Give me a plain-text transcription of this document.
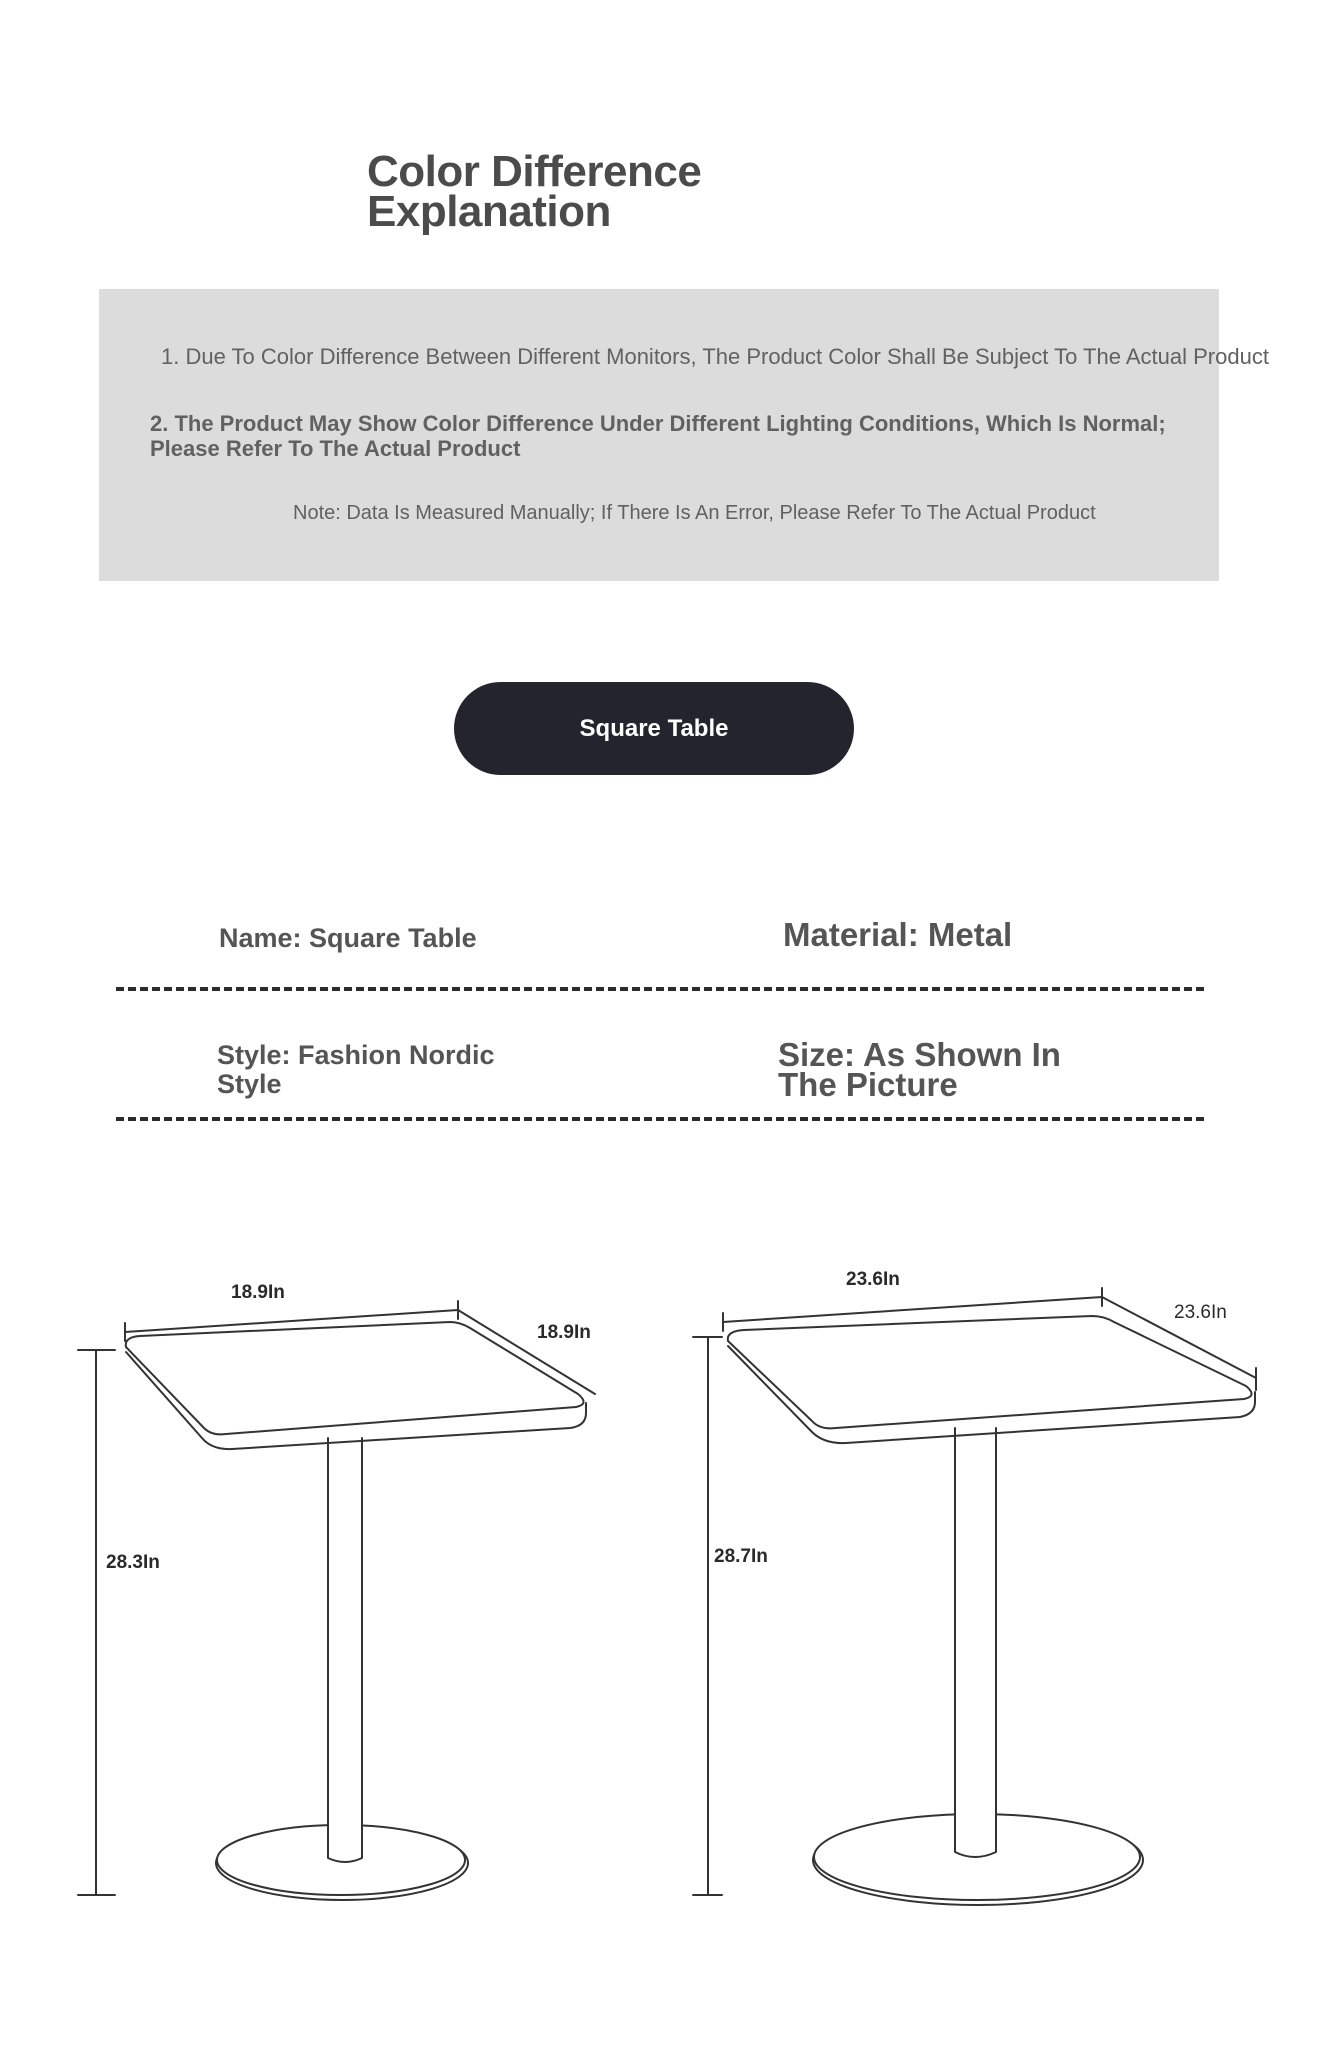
Color Difference
Explanation
1. Due To Color Difference Between Different Monitors, The Product Color Shall Be Subject To The Actual Product
2. The Product May Show Color Difference Under Different Lighting Conditions, Which Is Normal;
Please Refer To The Actual Product
Note: Data Is Measured Manually; If There Is An Error, Please Refer To The Actual Product
Square Table
Name: Square Table	Material: Metal
Style: Fashion Nordic
Style
Size: As Shown In
The Picture
18.9In
18.9In
28.3In
23.6In
23.6In
28.7In
